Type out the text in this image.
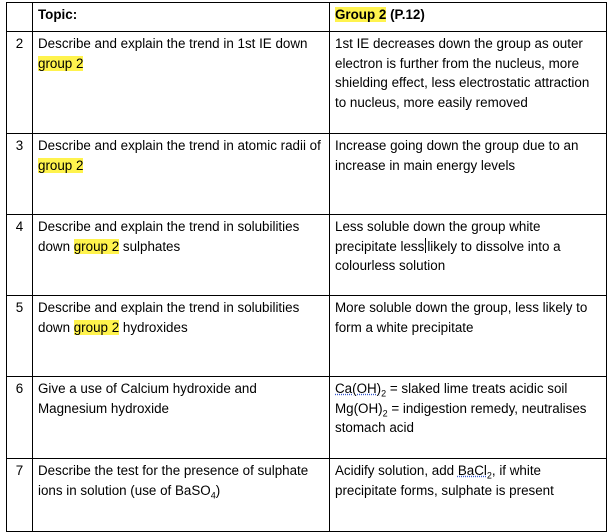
	Topic:	Group 2 (P.12)
2	Describe and explain the trend in 1st IE down group 2	1st IE decreases down the group as outer electron is further from the nucleus, more shielding effect, less electrostatic attraction to nucleus, more easily removed
3	Describe and explain the trend in atomic radii of group 2	Increase going down the group due to an increase in main energy levels
4	Describe and explain the trend in solubilities down group 2 sulphates	Less soluble down the group white precipitate less likely to dissolve into a colourless solution
5	Describe and explain the trend in solubilities down group 2 hydroxides	More soluble down the group, less likely to form a white precipitate
6	Give a use of Calcium hydroxide and Magnesium hydroxide	$Ca(OH)_2$ = slaked lime treats acidic soil
$Mg(OH)_2$ = indigestion remedy, neutralises stomach acid
7	Describe the test for the presence of sulphate ions in solution (use of BaSO$_4$)	Acidify solution, add BaCl$_2$, if white precipitate forms, sulphate is present
